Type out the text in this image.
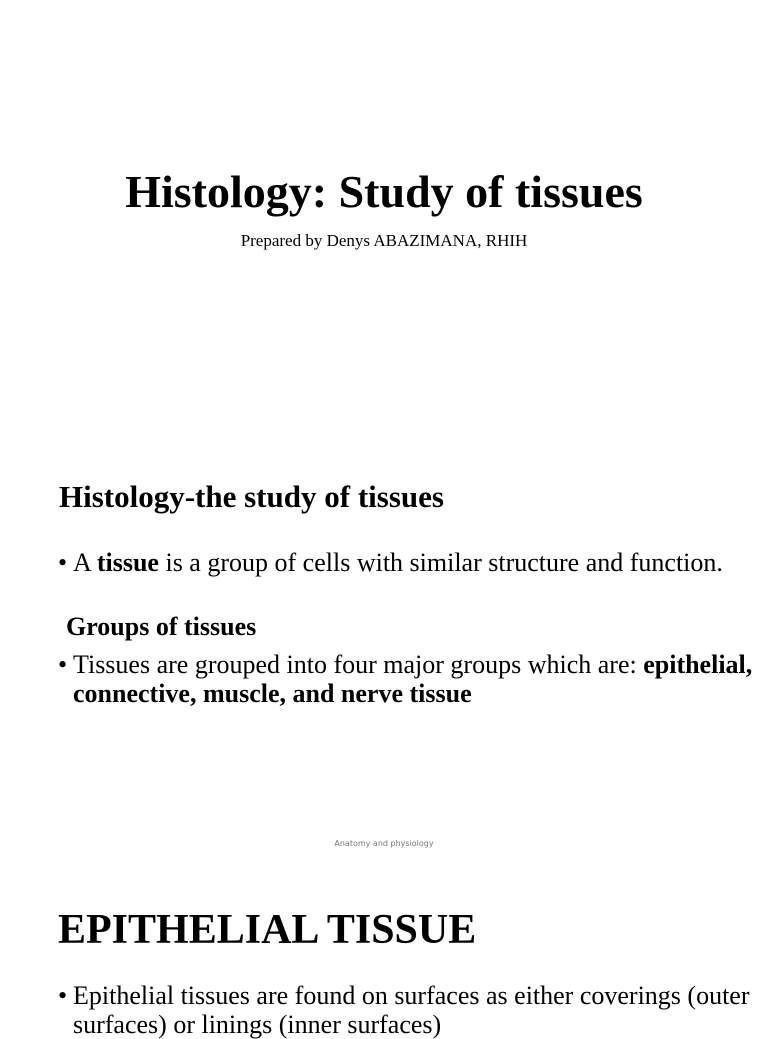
Histology: Study of tissues
Prepared by Denys ABAZIMANA, RHIH
Histology-the study of tissues
• A tissue is a group of cells with similar structure and function.
Groups of tissues
• Tissues are grouped into four major groups which are: epithelial, connective, muscle, and nerve tissue
Anatomy and physiology
EPITHELIAL TISSUE
• Epithelial tissues are found on surfaces as either coverings (outer surfaces) or linings (inner surfaces)
